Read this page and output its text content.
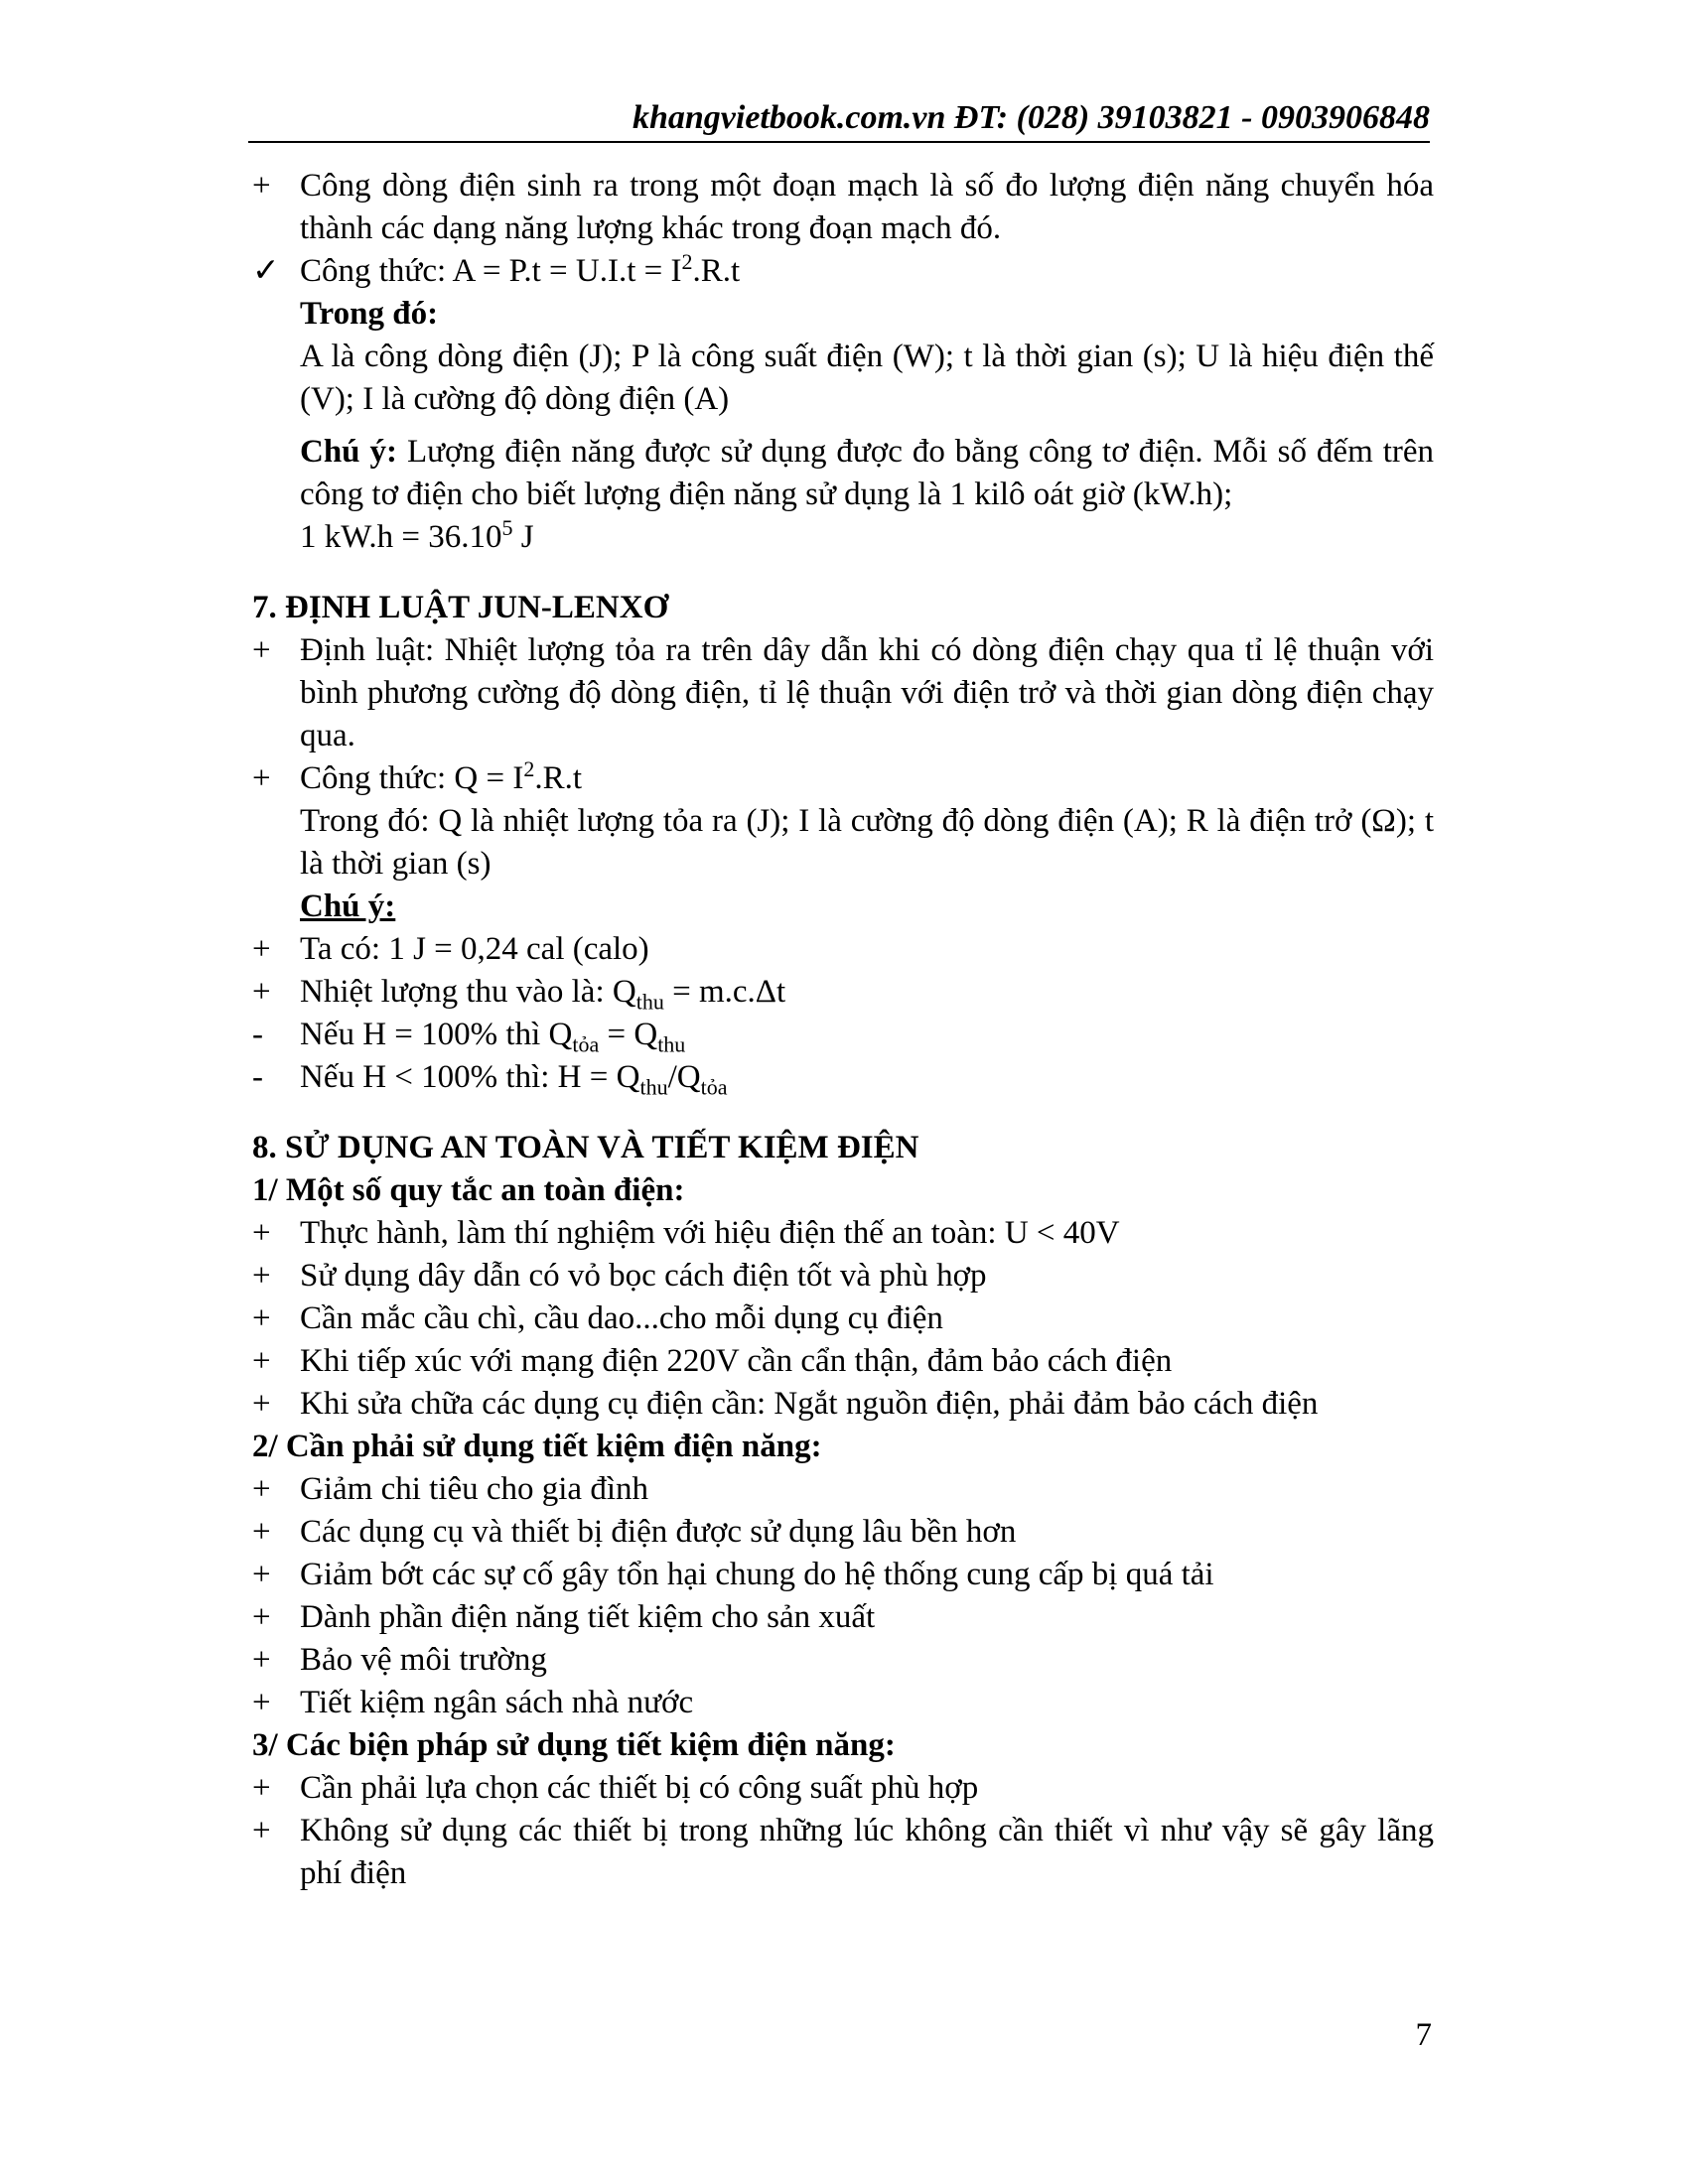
khangvietbook.com.vn ĐT: (028) 39103821 - 0903906848
+ Công dòng điện sinh ra trong một đoạn mạch là số đo lượng điện năng chuyển hóa thành các dạng năng lượng khác trong đoạn mạch đó.
✓ Công thức: $A = P.t = U.I.t = I^2.R.t$
Trong đó:
A là công dòng điện (J); P là công suất điện (W); t là thời gian (s); U là hiệu điện thế (V); I là cường độ dòng điện (A)
Chú ý: Lượng điện năng được sử dụng được đo bằng công tơ điện. Mỗi số đếm trên công tơ điện cho biết lượng điện năng sử dụng là 1 kilô oát giờ (kW.h);
1 $kW.h = 36.10^5$ J
7. ĐỊNH LUẬT JUN-LENXƠ
+ Định luật: Nhiệt lượng tỏa ra trên dây dẫn khi có dòng điện chạy qua tỉ lệ thuận với bình phương cường độ dòng điện, tỉ lệ thuận với điện trở và thời gian dòng điện chạy qua.
+ Công thức: $Q = I^2.R.t$
Trong đó: Q là nhiệt lượng tỏa ra (J); I là cường độ dòng điện (A); R là điện trở (Ω); t là thời gian (s)
Chú ý:
+ Ta có: 1 J = 0,24 cal (calo)
+ Nhiệt lượng thu vào là: $Q_{thu} = m.c.\Delta t$
-	Nếu H = 100% thì $Q_{tỏa} = Q_{thu}$
-	Nếu H < 100% thì: $H = Q_{thu}/Q_{tỏa}$
8. SỬ DỤNG AN TOÀN VÀ TIẾT KIỆM ĐIỆN
1/ Một số quy tắc an toàn điện:
+ Thực hành, làm thí nghiệm với hiệu điện thế an toàn: U < 40V
+ Sử dụng dây dẫn có vỏ bọc cách điện tốt và phù hợp
+ Cần mắc cầu chì, cầu dao...cho mỗi dụng cụ điện
+ Khi tiếp xúc với mạng điện 220V cần cẩn thận, đảm bảo cách điện
+ Khi sửa chữa các dụng cụ điện cần: Ngắt nguồn điện, phải đảm bảo cách điện
2/ Cần phải sử dụng tiết kiệm điện năng:
+ Giảm chi tiêu cho gia đình
+ Các dụng cụ và thiết bị điện được sử dụng lâu bền hơn
+ Giảm bớt các sự cố gây tổn hại chung do hệ thống cung cấp bị quá tải
+ Dành phần điện năng tiết kiệm cho sản xuất
+ Bảo vệ môi trường
+ Tiết kiệm ngân sách nhà nước
3/ Các biện pháp sử dụng tiết kiệm điện năng:
+ Cần phải lựa chọn các thiết bị có công suất phù hợp
+ Không sử dụng các thiết bị trong những lúc không cần thiết vì như vậy sẽ gây lãng phí điện
7
